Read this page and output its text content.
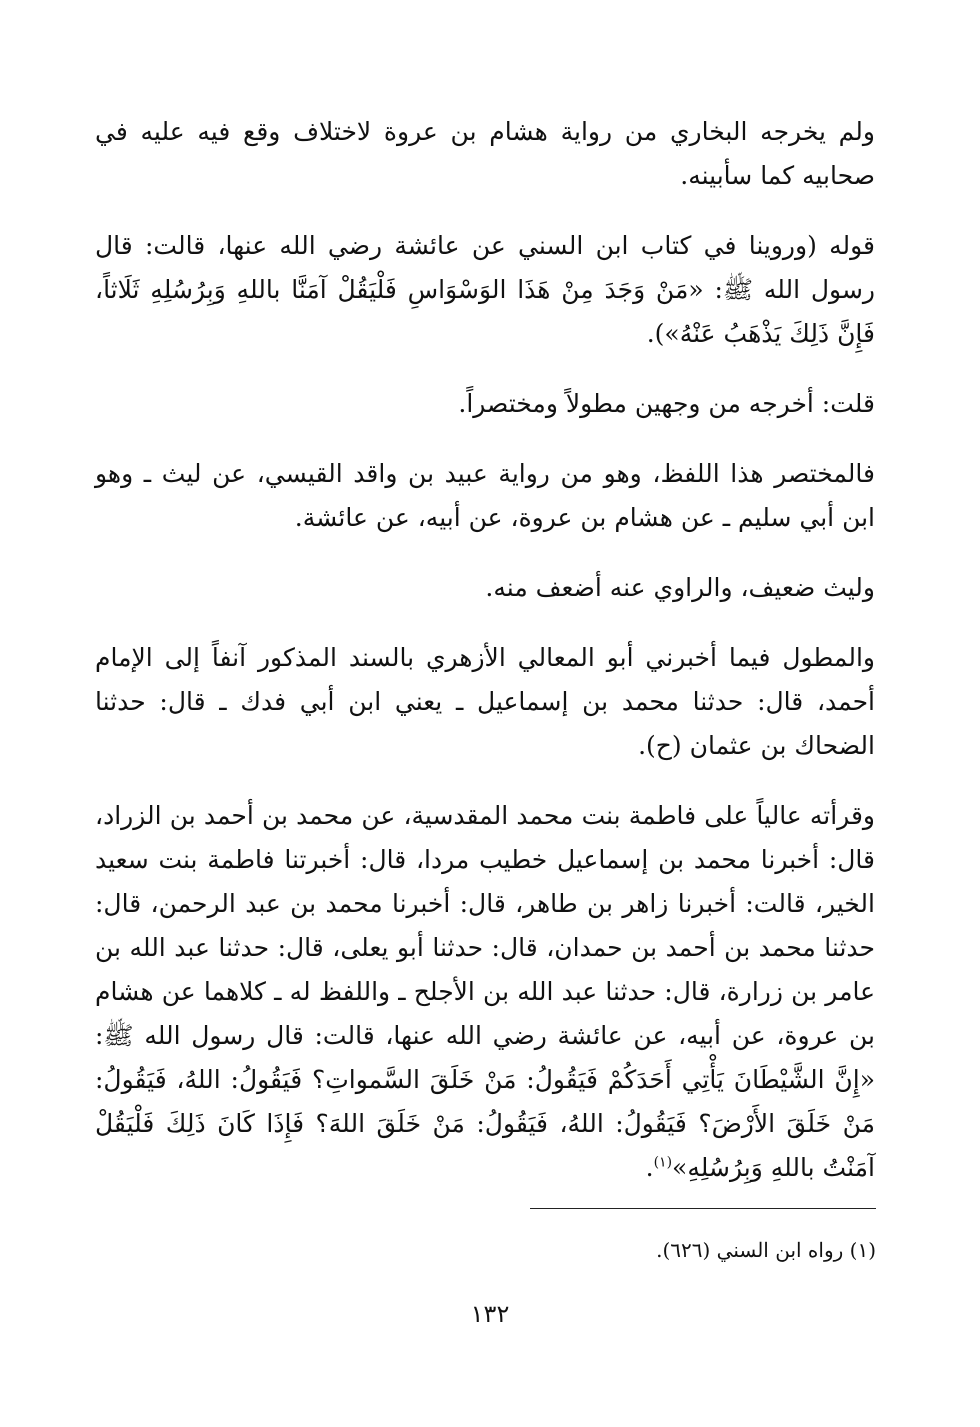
ولم يخرجه البخاري من رواية هشام بن عروة لاختلاف وقع فيه عليه في صحابيه كما سأبينه.

قوله (وروينا في كتاب ابن السني عن عائشة رضي الله عنها، قالت: قال رسول الله ﷺ: «مَنْ وَجَدَ مِنْ هَذَا الوَسْوَاسِ فَلْيَقُلْ آمَنَّا باللهِ وَبِرُسُلِهِ ثَلَاثاً، فَإِنَّ ذَلِكَ يَذْهَبُ عَنْهُ»).

قلت: أخرجه من وجهين مطولاً ومختصراً.

فالمختصر هذا اللفظ، وهو من رواية عبيد بن واقد القيسي، عن ليث ـ وهو ابن أبي سليم ـ عن هشام بن عروة، عن أبيه، عن عائشة.

وليث ضعيف، والراوي عنه أضعف منه.

والمطول فيما أخبرني أبو المعالي الأزهري بالسند المذكور آنفاً إلى الإمام أحمد، قال: حدثنا محمد بن إسماعيل ـ يعني ابن أبي فدك ـ قال: حدثنا الضحاك بن عثمان (ح).

وقرأته عالياً على فاطمة بنت محمد المقدسية، عن محمد بن أحمد بن الزراد، قال: أخبرنا محمد بن إسماعيل خطيب مردا، قال: أخبرتنا فاطمة بنت سعيد الخير، قالت: أخبرنا زاهر بن طاهر، قال: أخبرنا محمد بن عبد الرحمن، قال: حدثنا محمد بن أحمد بن حمدان، قال: حدثنا أبو يعلى، قال: حدثنا عبد الله بن عامر بن زرارة، قال: حدثنا عبد الله بن الأجلح ـ واللفظ له ـ كلاهما عن هشام بن عروة، عن أبيه، عن عائشة رضي الله عنها، قالت: قال رسول الله ﷺ: «إِنَّ الشَّيْطَانَ يَأْتِي أَحَدَكُمْ فَيَقُولُ: مَنْ خَلَقَ السَّمواتِ؟ فَيَقُولُ: اللهُ، فَيَقُولُ: مَنْ خَلَقَ الأَرْضَ؟ فَيَقُولُ: اللهُ، فَيَقُولُ: مَنْ خَلَقَ اللهَ؟ فَإِذَا كَانَ ذَلِكَ فَلْيَقُلْ آمَنْتُ باللهِ وَبِرُسُلِهِ»$^{(١)}$.

(١) رواه ابن السني (٦٢٦).
١٣٢
